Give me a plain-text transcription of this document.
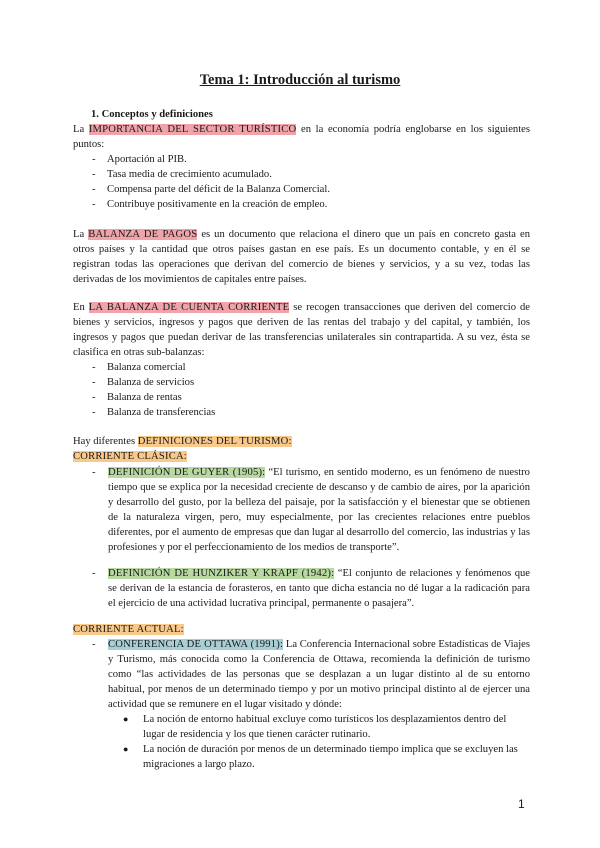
Tema 1: Introducción al turismo
1. Conceptos y definiciones
La IMPORTANCIA DEL SECTOR TURÍSTICO en la economía podría englobarse en los siguientes puntos:
- Aportación al PIB.
- Tasa media de crecimiento acumulado.
- Compensa parte del déficit de la Balanza Comercial.
- Contribuye positivamente en la creación de empleo.
La BALANZA DE PAGOS es un documento que relaciona el dinero que un país en concreto gasta en otros países y la cantidad que otros países gastan en ese país. Es un documento contable, y en él se registran todas las operaciones que derivan del comercio de bienes y servicios, y a su vez, todas las derivadas de los movimientos de capitales entre países.
En LA BALANZA DE CUENTA CORRIENTE se recogen transacciones que deriven del comercio de bienes y servicios, ingresos y pagos que deriven de las rentas del trabajo y del capital, y también, los ingresos y pagos que puedan derivar de las transferencias unilaterales sin contrapartida. A su vez, ésta se clasifica en otras sub-balanzas:
- Balanza comercial
- Balanza de servicios
- Balanza de rentas
- Balanza de transferencias
Hay diferentes DEFINICIONES DEL TURISMO:
CORRIENTE CLÁSICA:
- DEFINICIÓN DE GUYER (1905): “El turismo, en sentido moderno, es un fenómeno de nuestro tiempo que se explica por la necesidad creciente de descanso y de cambio de aires, por la aparición y desarrollo del gusto, por la belleza del paisaje, por la satisfacción y el bienestar que se obtienen de la naturaleza virgen, pero, muy especialmente, por las crecientes relaciones entre pueblos diferentes, por el aumento de empresas que dan lugar al desarrollo del comercio, las industrias y las profesiones y por el perfeccionamiento de los medios de transporte”.
- DEFINICIÓN DE HUNZIKER Y KRAPF (1942): “El conjunto de relaciones y fenómenos que se derivan de la estancia de forasteros, en tanto que dicha estancia no dé lugar a la radicación para el ejercicio de una actividad lucrativa principal, permanente o pasajera”.
CORRIENTE ACTUAL:
- CONFERENCIA DE OTTAWA (1991): La Conferencia Internacional sobre Estadísticas de Viajes y Turismo, más conocida como la Conferencia de Ottawa, recomienda la definición de turismo como “las actividades de las personas que se desplazan a un lugar distinto al de su entorno habitual, por menos de un determinado tiempo y por un motivo principal distinto al de ejercer una actividad que se remunere en el lugar visitado y dónde:
● La noción de entorno habitual excluye como turísticos los desplazamientos dentro del lugar de residencia y los que tienen carácter rutinario.
● La noción de duración por menos de un determinado tiempo implica que se excluyen las migraciones a largo plazo.
1
